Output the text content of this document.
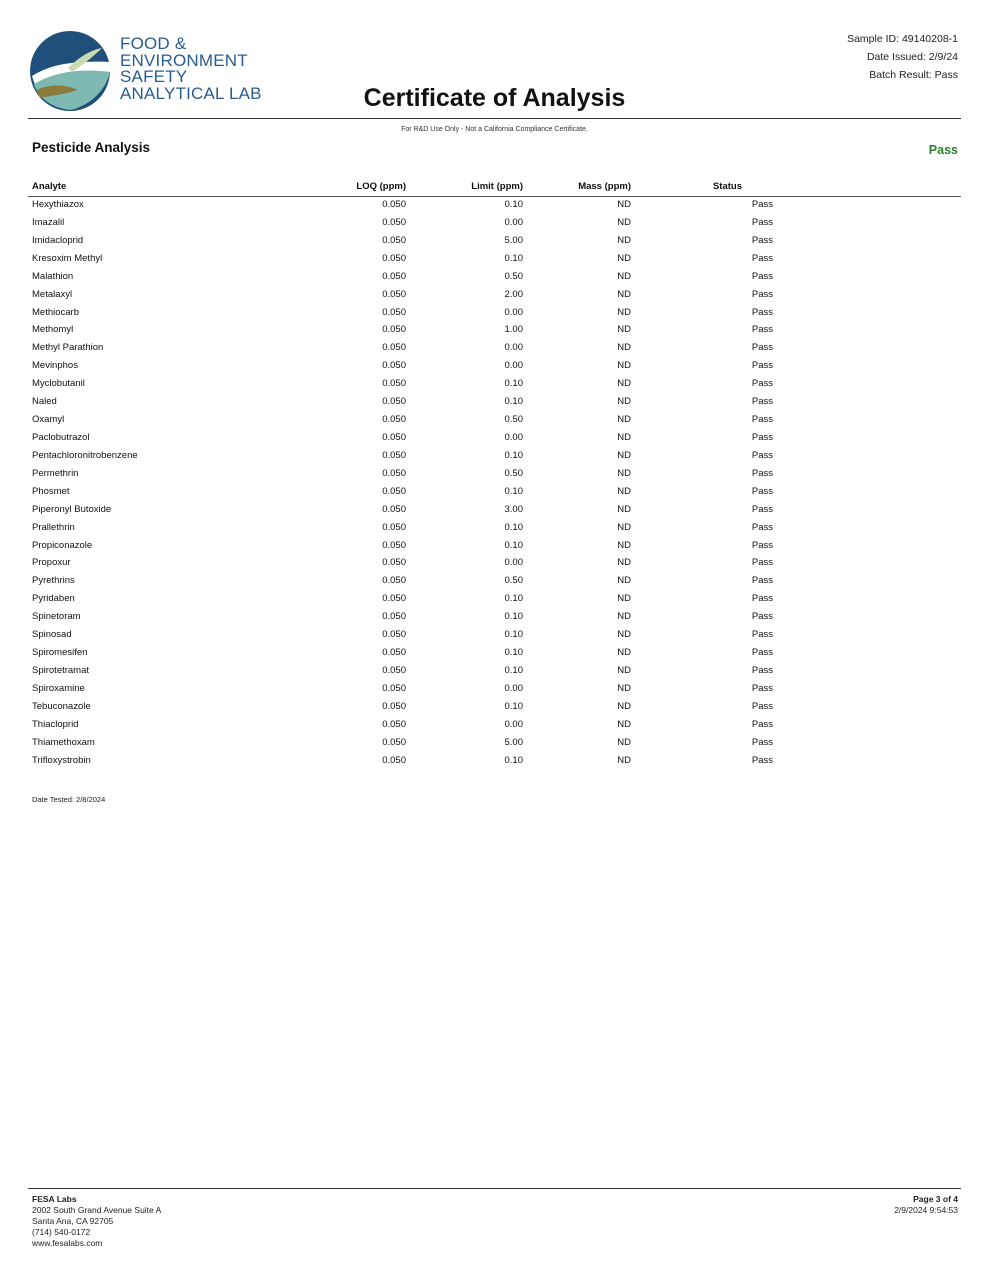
FOOD &
ENVIRONMENT
SAFETY
ANALYTICAL LAB
Sample ID: 49140208-1
Date Issued: 2/9/24
Batch Result: Pass
Certificate of Analysis
For R&D Use Only - Not a California Compliance Certificate.
Pesticide Analysis	Pass
Analyte	LOQ (ppm)	Limit (ppm)	Mass (ppm)	Status
Hexythiazox	0.050	0.10	ND	Pass
Imazalil	0.050	0.00	ND	Pass
Imidacloprid	0.050	5.00	ND	Pass
Kresoxim Methyl	0.050	0.10	ND	Pass
Malathion	0.050	0.50	ND	Pass
Metalaxyl	0.050	2.00	ND	Pass
Methiocarb	0.050	0.00	ND	Pass
Methomyl	0.050	1.00	ND	Pass
Methyl Parathion	0.050	0.00	ND	Pass
Mevinphos	0.050	0.00	ND	Pass
Myclobutanil	0.050	0.10	ND	Pass
Naled	0.050	0.10	ND	Pass
Oxamyl	0.050	0.50	ND	Pass
Paclobutrazol	0.050	0.00	ND	Pass
Pentachloronitrobenzene	0.050	0.10	ND	Pass
Permethrin	0.050	0.50	ND	Pass
Phosmet	0.050	0.10	ND	Pass
Piperonyl Butoxide	0.050	3.00	ND	Pass
Prallethrin	0.050	0.10	ND	Pass
Propiconazole	0.050	0.10	ND	Pass
Propoxur	0.050	0.00	ND	Pass
Pyrethrins	0.050	0.50	ND	Pass
Pyridaben	0.050	0.10	ND	Pass
Spinetoram	0.050	0.10	ND	Pass
Spinosad	0.050	0.10	ND	Pass
Spiromesifen	0.050	0.10	ND	Pass
Spirotetramat	0.050	0.10	ND	Pass
Spiroxamine	0.050	0.00	ND	Pass
Tebuconazole	0.050	0.10	ND	Pass
Thiacloprid	0.050	0.00	ND	Pass
Thiamethoxam	0.050	5.00	ND	Pass
Trifloxystrobin	0.050	0.10	ND	Pass
Date Tested: 2/8/2024
FESA Labs
2002 South Grand Avenue Suite A
Santa Ana, CA 92705
(714) 540-0172
www.fesalabs.com
Page 3 of 4
2/9/2024 9:54:53
